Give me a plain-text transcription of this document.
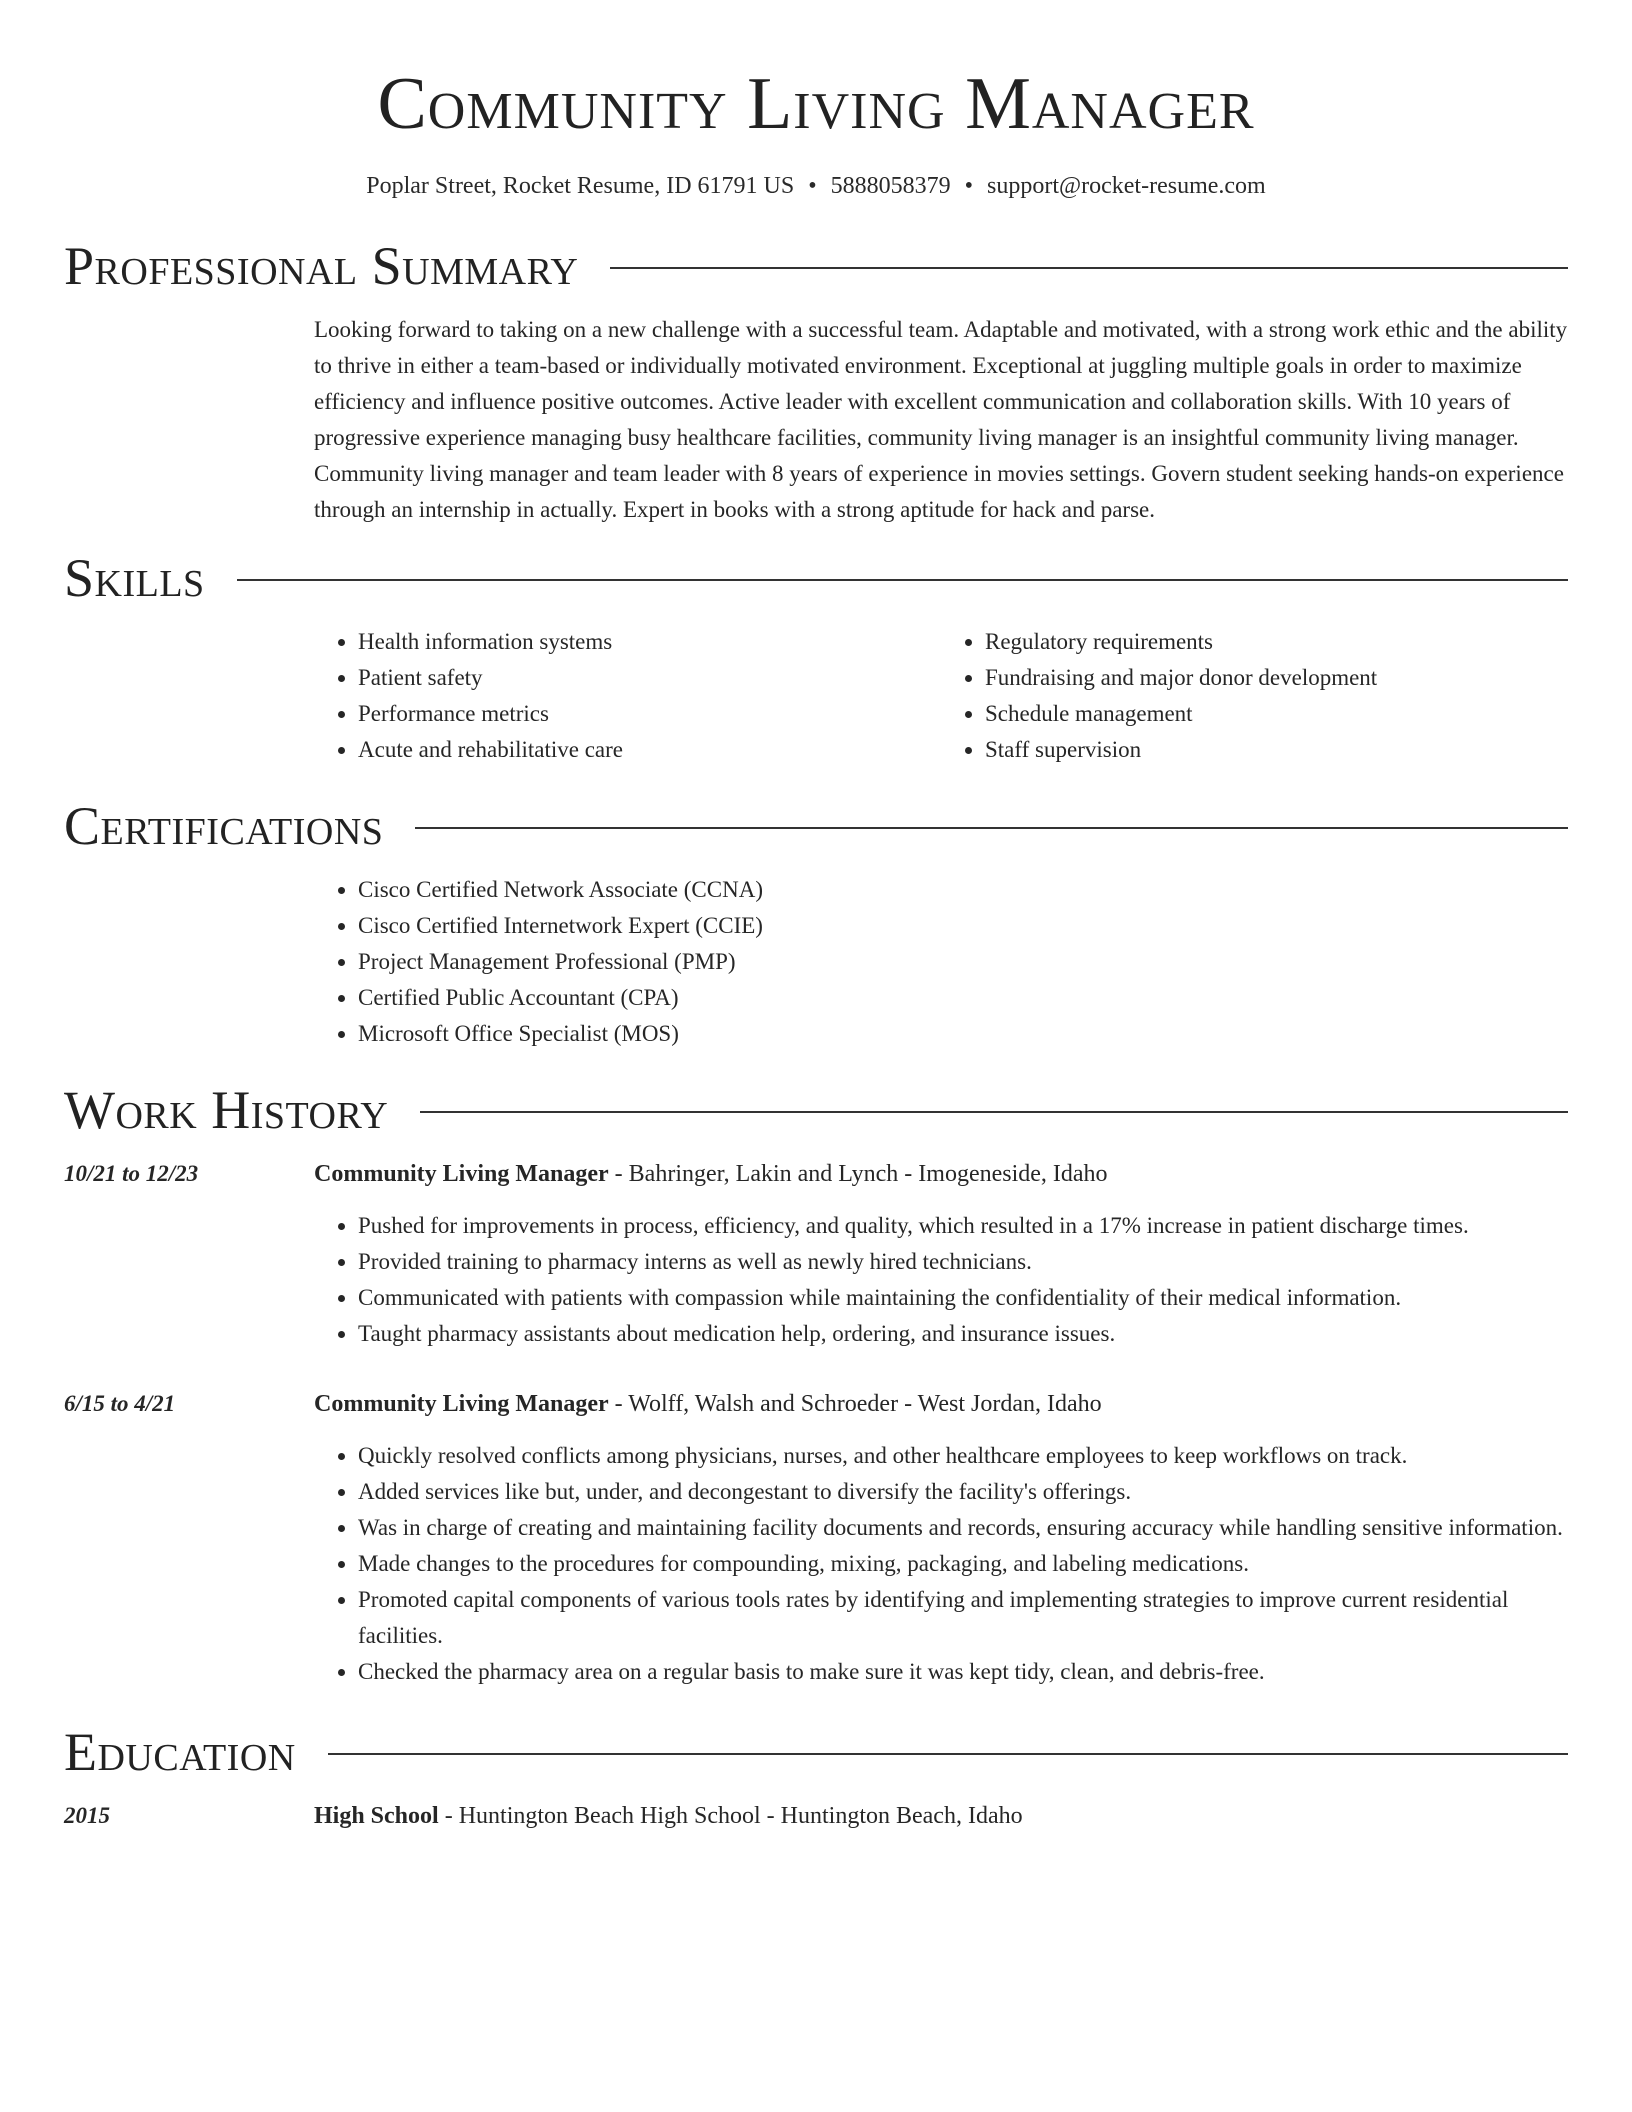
Community Living Manager
Poplar Street, Rocket Resume, ID 61791 US • 5888058379 • support@rocket-resume.com
Professional Summary

Looking forward to taking on a new challenge with a successful team. Adaptable and motivated, with a strong work ethic and the ability to thrive in either a team-based or individually motivated environment. Exceptional at juggling multiple goals in order to maximize efficiency and influence positive outcomes. Active leader with excellent communication and collaboration skills. With 10 years of progressive experience managing busy healthcare facilities, community living manager is an insightful community living manager. Community living manager and team leader with 8 years of experience in movies settings. Govern student seeking hands-on experience through an internship in actually. Expert in books with a strong aptitude for hack and parse.

Skills
• Health information systems
• Patient safety
• Performance metrics
• Acute and rehabilitative care
• Regulatory requirements
• Fundraising and major donor development
• Schedule management
• Staff supervision
Certifications
• Cisco Certified Network Associate (CCNA)
• Cisco Certified Internetwork Expert (CCIE)
• Project Management Professional (PMP)
• Certified Public Accountant (CPA)
• Microsoft Office Specialist (MOS)
Work History
10/21 to 12/23	Community Living Manager - Bahringer, Lakin and Lynch - Imogeneside, Idaho
• Pushed for improvements in process, efficiency, and quality, which resulted in a 17% increase in patient discharge times.
• Provided training to pharmacy interns as well as newly hired technicians.
• Communicated with patients with compassion while maintaining the confidentiality of their medical information.
• Taught pharmacy assistants about medication help, ordering, and insurance issues.
6/15 to 4/21	Community Living Manager - Wolff, Walsh and Schroeder - West Jordan, Idaho
• Quickly resolved conflicts among physicians, nurses, and other healthcare employees to keep workflows on track.
• Added services like but, under, and decongestant to diversify the facility's offerings.
• Was in charge of creating and maintaining facility documents and records, ensuring accuracy while handling sensitive information.
• Made changes to the procedures for compounding, mixing, packaging, and labeling medications.
• Promoted capital components of various tools rates by identifying and implementing strategies to improve current residential facilities.
• Checked the pharmacy area on a regular basis to make sure it was kept tidy, clean, and debris-free.
Education
2015	High School - Huntington Beach High School - Huntington Beach, Idaho
